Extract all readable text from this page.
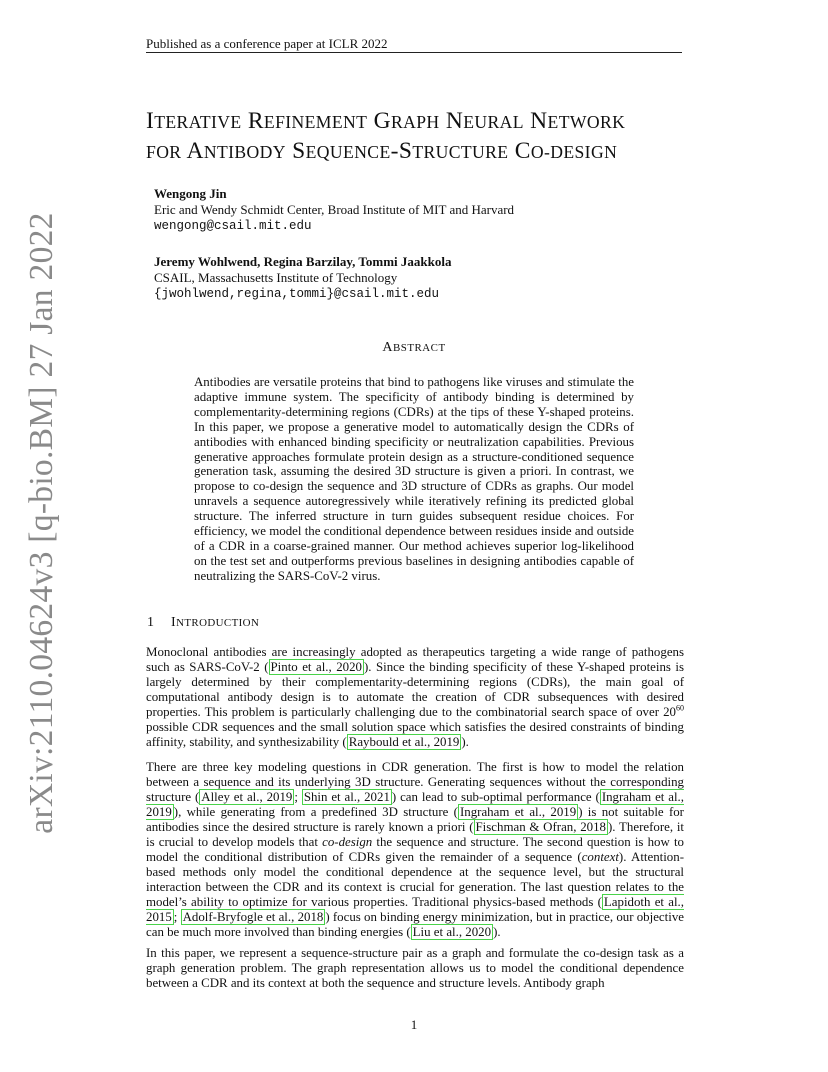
Published as a conference paper at ICLR 2022
arXiv:2110.04624v3 [q-bio.BM] 27 Jan 2022
ITERATIVE REFINEMENT GRAPH NEURAL NETWORK
FOR ANTIBODY SEQUENCE-STRUCTURE CO-DESIGN
Wengong Jin
Eric and Wendy Schmidt Center, Broad Institute of MIT and Harvard
wengong@csail.mit.edu
Jeremy Wohlwend, Regina Barzilay, Tommi Jaakkola
CSAIL, Massachusetts Institute of Technology
{jwohlwend,regina,tommi}@csail.mit.edu
ABSTRACT
Antibodies are versatile proteins that bind to pathogens like viruses and stimulate the adaptive immune system. The specificity of antibody binding is determined by complementarity-determining regions (CDRs) at the tips of these Y-shaped proteins. In this paper, we propose a generative model to automatically design the CDRs of antibodies with enhanced binding specificity or neutralization capabilities. Previous generative approaches formulate protein design as a structure-conditioned sequence generation task, assuming the desired 3D structure is given a priori. In contrast, we propose to co-design the sequence and 3D structure of CDRs as graphs. Our model unravels a sequence autoregressively while iteratively refining its predicted global structure. The inferred structure in turn guides subsequent residue choices. For efficiency, we model the conditional dependence between residues inside and outside of a CDR in a coarse-grained manner. Our method achieves superior log-likelihood on the test set and outperforms previous baselines in designing antibodies capable of neutralizing the SARS-CoV-2 virus.
1 INTRODUCTION
Monoclonal antibodies are increasingly adopted as therapeutics targeting a wide range of pathogens such as SARS-CoV-2 ( Pinto et al., 2020 ). Since the binding specificity of these Y-shaped proteins is largely determined by their complementarity-determining regions (CDRs), the main goal of computational antibody design is to automate the creation of CDR subsequences with desired properties. This problem is particularly challenging due to the combinatorial search space of over $20^{60}$ possible CDR sequences and the small solution space which satisfies the desired constraints of binding affinity, stability, and synthesizability ( Raybould et al., 2019 ).
There are three key modeling questions in CDR generation. The first is how to model the relation between a sequence and its underlying 3D structure. Generating sequences without the corresponding structure ( Alley et al., 2019 ; Shin et al., 2021 ) can lead to sub-optimal performance ( Ingraham et al., 2019 ), while generating from a predefined 3D structure ( Ingraham et al., 2019 ) is not suitable for antibodies since the desired structure is rarely known a priori ( Fischman & Ofran, 2018 ). Therefore, it is crucial to develop models that co-design the sequence and structure. The second question is how to model the conditional distribution of CDRs given the remainder of a sequence (context). Attention-based methods only model the conditional dependence at the sequence level, but the structural interaction between the CDR and its context is crucial for generation. The last question relates to the model’s ability to optimize for various properties. Traditional physics-based methods ( Lapidoth et al., 2015 ; Adolf-Bryfogle et al., 2018 ) focus on binding energy minimization, but in practice, our objective can be much more involved than binding energies ( Liu et al., 2020 ).
In this paper, we represent a sequence-structure pair as a graph and formulate the co-design task as a graph generation problem. The graph representation allows us to model the conditional dependence between a CDR and its context at both the sequence and structure levels. Antibody graph
1
